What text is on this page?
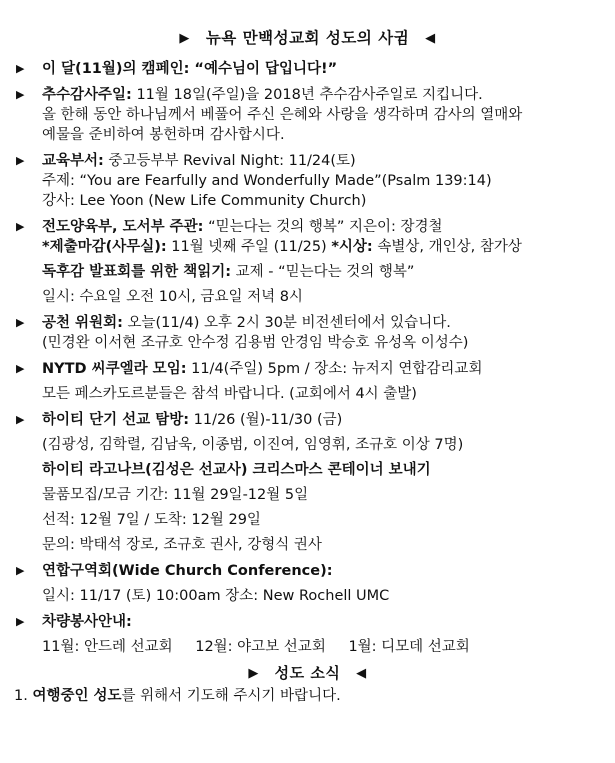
▶ 뉴욕 만백성교회 성도의 사귐 ◀
▶ 이 달(11월)의 캠페인: “예수님이 답입니다!”
▶ 추수감사주일: 11월 18일(주일)을 2018년 추수감사주일로 지킵니다.
올 한해 동안 하나님께서 베풀어 주신 은혜와 사랑을 생각하며 감사의 열매와
예물을 준비하여 봉헌하며 감사합시다.
▶ 교육부서: 중고등부부 Revival Night: 11/24(토)
주제: “You are Fearfully and Wonderfully Made”(Psalm 139:14)
강사: Lee Yoon (New Life Community Church)
▶ 전도양육부, 도서부 주관: “믿는다는 것의 행복” 지은이: 장경철
*제출마감(사무실): 11월 넷째 주일 (11/25) *시상: 속별상, 개인상, 참가상
독후감 발표회를 위한 책읽기: 교제 - “믿는다는 것의 행복”
일시: 수요일 오전 10시, 금요일 저녁 8시
▶ 공천 위원회: 오늘(11/4) 오후 2시 30분 비전센터에서 있습니다.
(민경완 이서현 조규호 안수정 김용범 안경임 박승호 유성옥 이성수)
▶ NYTD 씨쿠엘라 모임: 11/4(주일) 5pm / 장소: 뉴저지 연합감리교회
모든 페스카도르분들은 참석 바랍니다. (교회에서 4시 출발)
▶ 하이티 단기 선교 탐방: 11/26 (월)-11/30 (금)
(김광성, 김학렬, 김남욱, 이종범, 이진여, 임영휘, 조규호 이상 7명)
하이티 라고나브(김성은 선교사) 크리스마스 콘테이너 보내기
물품모집/모금 기간: 11월 29일-12월 5일
선적: 12월 7일 / 도착: 12월 29일
문의: 박태석 장로, 조규호 권사, 강형식 권사
▶ 연합구역회(Wide Church Conference):
일시: 11/17 (토) 10:00am 장소: New Rochell UMC
▶ 차량봉사안내:
11월: 안드레 선교회 12월: 야고보 선교회 1월: 디모데 선교회
▶ 성도 소식 ◀
1. 여행중인 성도를 위해서 기도해 주시기 바랍니다.
